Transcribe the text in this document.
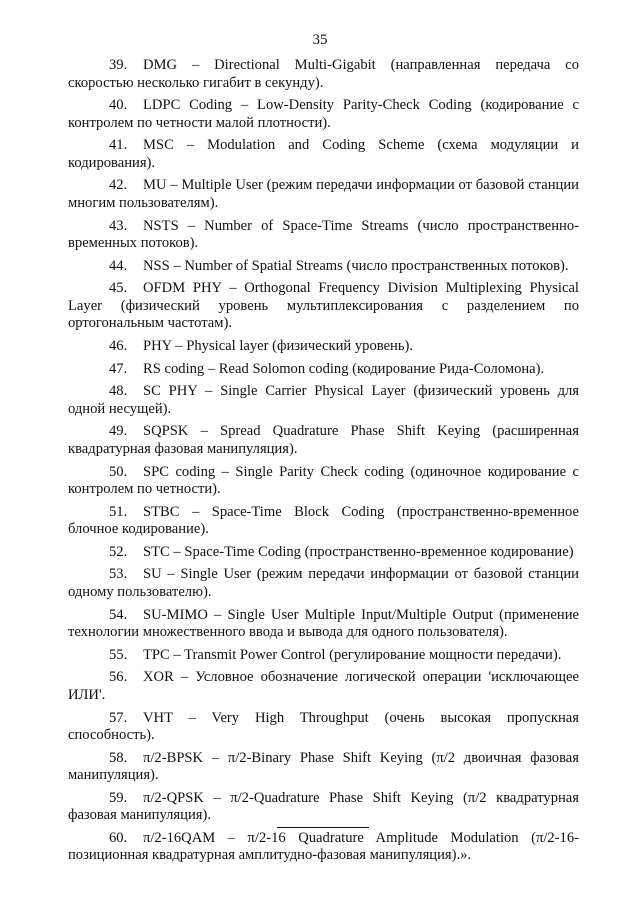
35

39. DMG – Directional Multi-Gigabit (направленная передача со скоростью несколько гигабит в секунду).

40. LDPC Coding – Low-Density Parity-Check Coding (кодирование с контролем по четности малой плотности).

41. MSC – Modulation and Coding Scheme (схема модуляции и кодирования).

42. MU – Multiple User (режим передачи информации от базовой станции многим пользователям).

43. NSTS – Number of Space-Time Streams (число пространственно-временных потоков).

44. NSS – Number of Spatial Streams (число пространственных потоков).

45. OFDM PHY – Orthogonal Frequency Division Multiplexing Physical Layer (физический уровень мультиплексирования с разделением по ортогональным частотам).

46. PHY – Physical layer (физический уровень).

47. RS coding – Read Solomon coding (кодирование Рида-Соломона).

48. SC PHY – Single Carrier Physical Layer (физический уровень для одной несущей).

49. SQPSK – Spread Quadrature Phase Shift Keying (расширенная квадратурная фазовая манипуляция).

50. SPC coding – Single Parity Check coding (одиночное кодирование с контролем по четности).

51. STBC – Space-Time Block Coding (пространственно-временное блочное кодирование).

52. STC – Space-Time Coding (пространственно-временное кодирование)

53. SU – Single User (режим передачи информации от базовой станции одному пользователю).

54. SU-MIMO – Single User Multiple Input/Multiple Output (применение технологии множественного ввода и вывода для одного пользователя).

55. TPC – Transmit Power Control (регулирование мощности передачи).

56. XOR – Условное обозначение логической операции 'исключающее ИЛИ'.

57. VHT – Very High Throughput (очень высокая пропускная способность).

58. π/2-BPSK – π/2-Binary Phase Shift Keying (π/2 двоичная фазовая манипуляция).

59. π/2-QPSK – π/2-Quadrature Phase Shift Keying (π/2 квадратурная фазовая манипуляция).

60. π/2-16QAM – π/2-16 Quadrature Amplitude Modulation (π/2-16-позиционная квадратурная амплитудно-фазовая манипуляция).».
